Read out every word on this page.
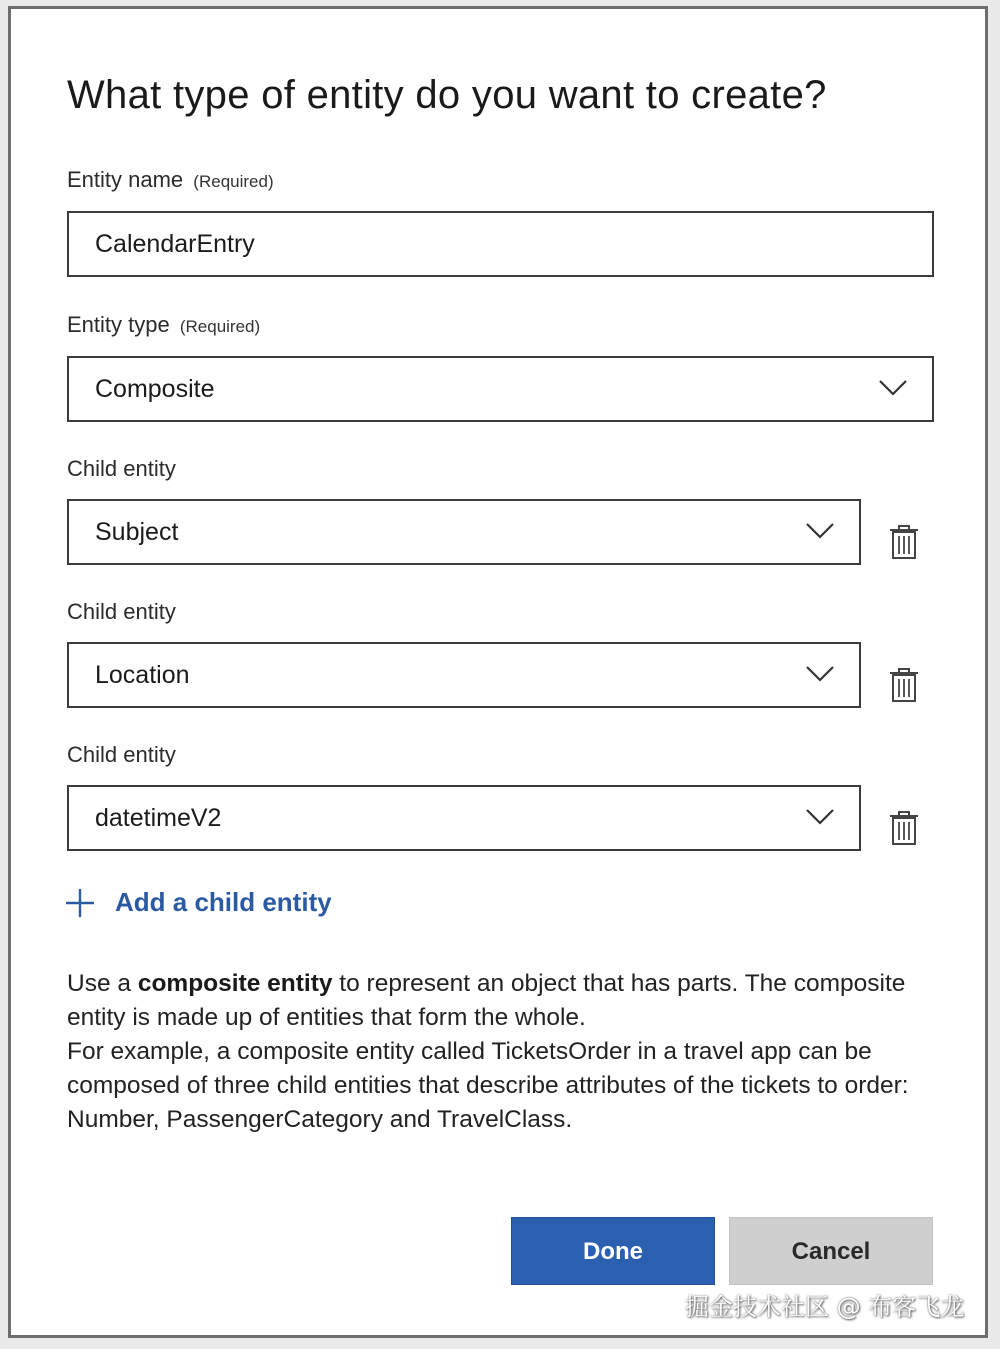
What type of entity do you want to create?
Entity name (Required)
CalendarEntry
Entity type (Required)
Composite
Child entity
Subject
Child entity
Location
Child entity
datetimeV2
Add a child entity

Use a composite entity to represent an object that has parts. The composite entity is made up of entities that form the whole.

For example, a composite entity called TicketsOrder in a travel app can be composed of three child entities that describe attributes of the tickets to order: Number, PassengerCategory and TravelClass.

Done	Cancel
掘金技术社区 @ 布客飞龙
